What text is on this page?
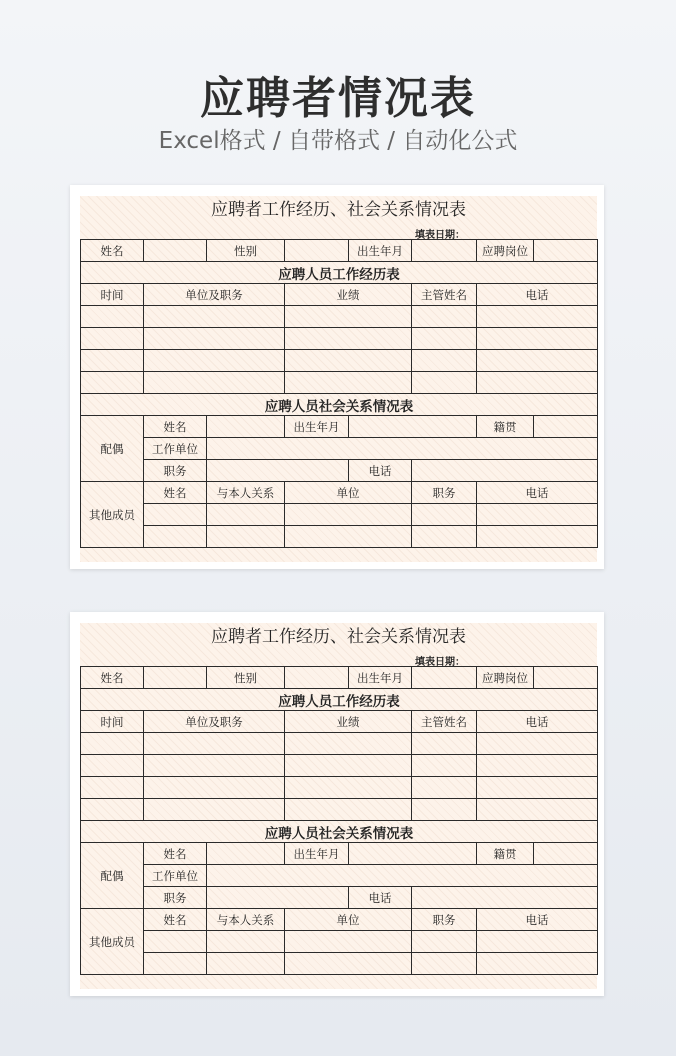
应聘者情况表
Excel格式 / 自带格式 / 自动化公式
应聘者工作经历、社会关系情况表
填表日期：
姓名		性别		出生年月		应聘岗位	
应聘人员工作经历表							
时间	单位及职务		业绩		主管姓名	电话	

应聘人员社会关系情况表							
配偶	姓名		出生年月			籍贯	
	工作单位						
	职务			电话			
其他成员	姓名	与本人关系	单位		职务	电话	

应聘者工作经历、社会关系情况表
填表日期：
姓名		性别		出生年月		应聘岗位	
应聘人员工作经历表							
时间	单位及职务		业绩		主管姓名	电话	

应聘人员社会关系情况表							
配偶	姓名		出生年月			籍贯	
	工作单位						
	职务			电话			
其他成员	姓名	与本人关系	单位		职务	电话	
